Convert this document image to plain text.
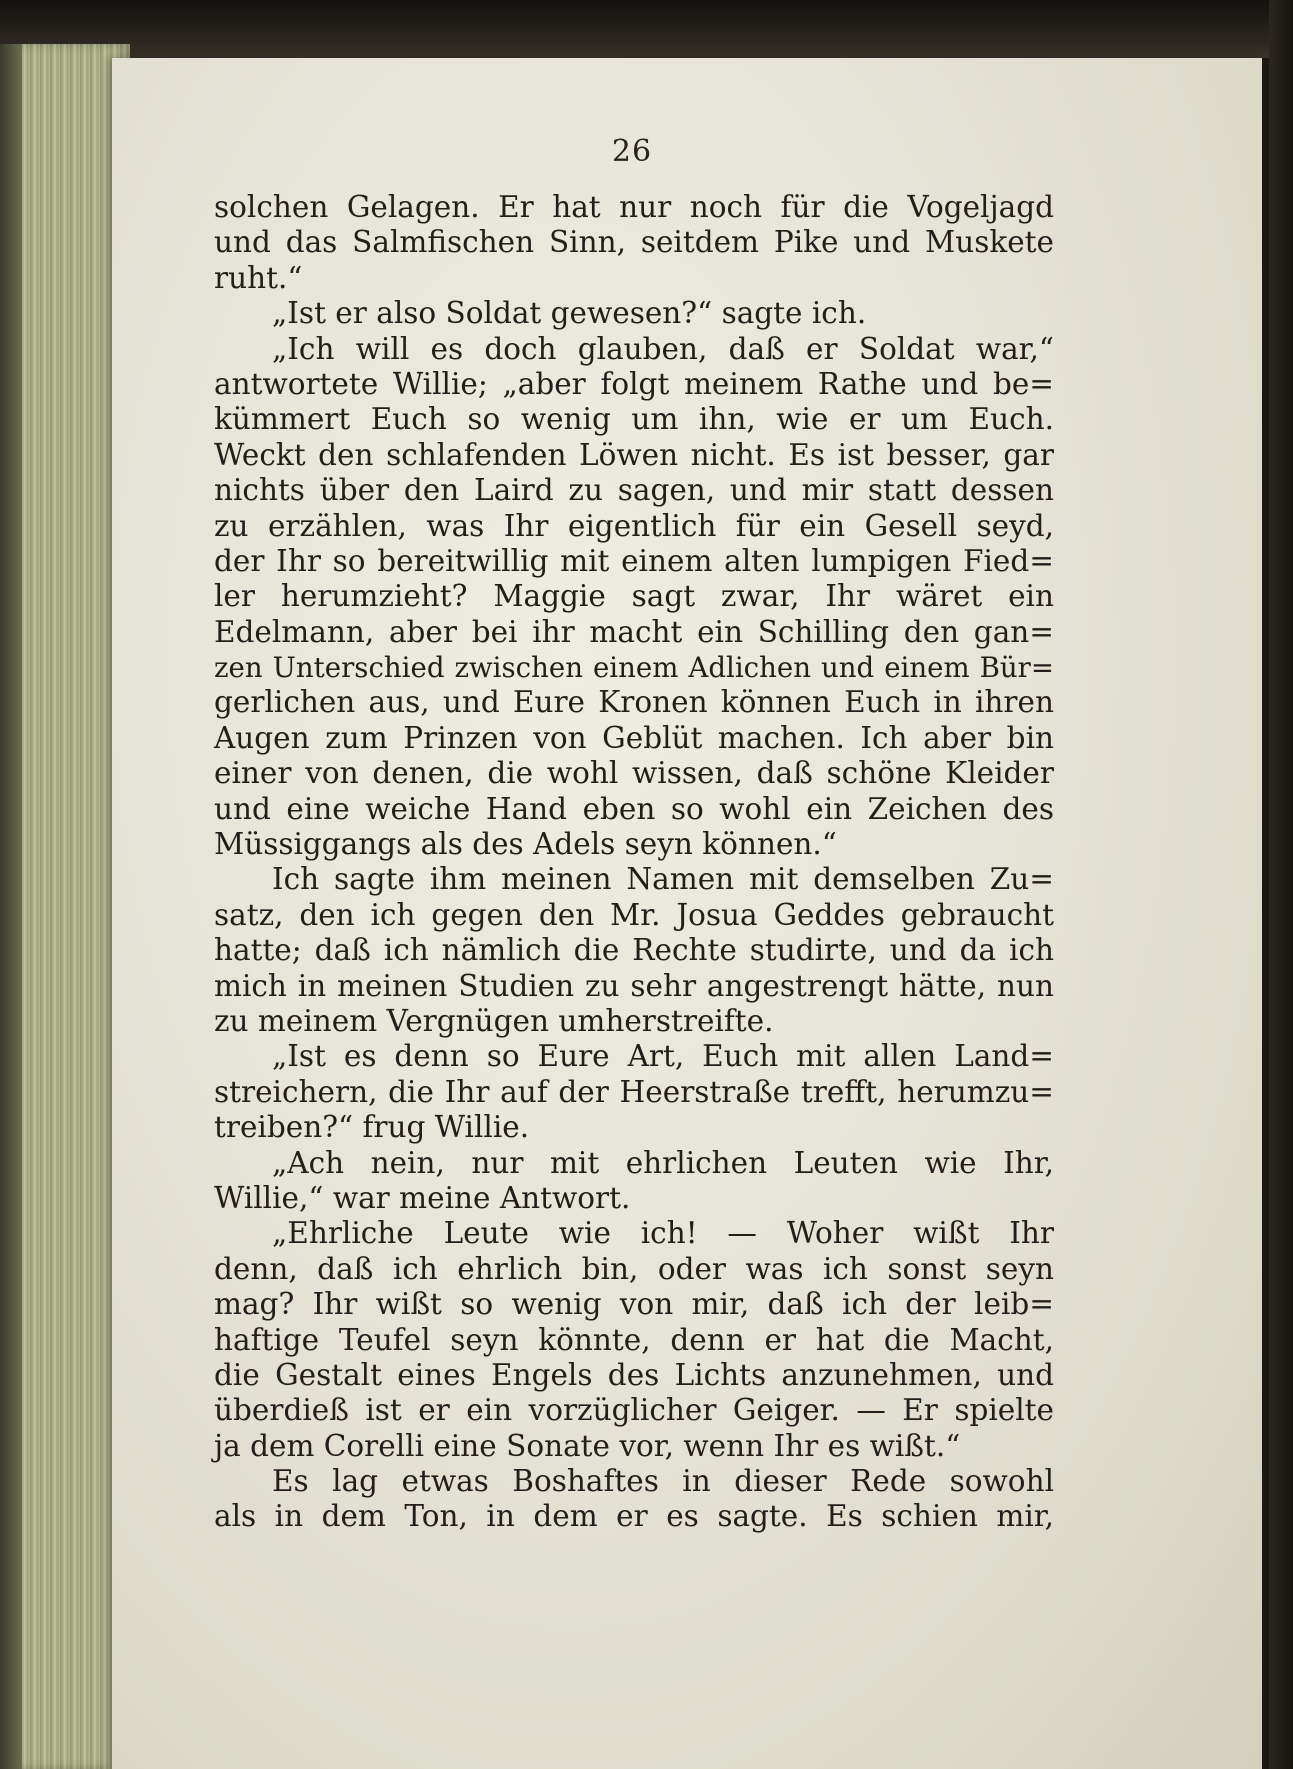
26
solchen Gelagen. Er hat nur noch für die Vogeljagd
und das Salmfischen Sinn, seitdem Pike und Muskete
ruht.“
„Ist er also Soldat gewesen?“ sagte ich.
„Ich will es doch glauben, daß er Soldat war,“
antwortete Willie; „aber folgt meinem Rathe und be=
kümmert Euch so wenig um ihn, wie er um Euch.
Weckt den schlafenden Löwen nicht. Es ist besser, gar
nichts über den Laird zu sagen, und mir statt dessen
zu erzählen, was Ihr eigentlich für ein Gesell seyd,
der Ihr so bereitwillig mit einem alten lumpigen Fied=
ler herumzieht? Maggie sagt zwar, Ihr wäret ein
Edelmann, aber bei ihr macht ein Schilling den gan=
zen Unterschied zwischen einem Adlichen und einem Bür=
gerlichen aus, und Eure Kronen können Euch in ihren
Augen zum Prinzen von Geblüt machen. Ich aber bin
einer von denen, die wohl wissen, daß schöne Kleider
und eine weiche Hand eben so wohl ein Zeichen des
Müssiggangs als des Adels seyn können.“
Ich sagte ihm meinen Namen mit demselben Zu=
satz, den ich gegen den Mr. Josua Geddes gebraucht
hatte; daß ich nämlich die Rechte studirte, und da ich
mich in meinen Studien zu sehr angestrengt hätte, nun
zu meinem Vergnügen umherstreifte.
„Ist es denn so Eure Art, Euch mit allen Land=
streichern, die Ihr auf der Heerstraße trefft, herumzu=
treiben?“ frug Willie.
„Ach nein, nur mit ehrlichen Leuten wie Ihr,
Willie,“ war meine Antwort.
„Ehrliche Leute wie ich! — Woher wißt Ihr
denn, daß ich ehrlich bin, oder was ich sonst seyn
mag? Ihr wißt so wenig von mir, daß ich der leib=
haftige Teufel seyn könnte, denn er hat die Macht,
die Gestalt eines Engels des Lichts anzunehmen, und
überdieß ist er ein vorzüglicher Geiger. — Er spielte
ja dem Corelli eine Sonate vor, wenn Ihr es wißt.“
Es lag etwas Boshaftes in dieser Rede sowohl
als in dem Ton, in dem er es sagte. Es schien mir,
